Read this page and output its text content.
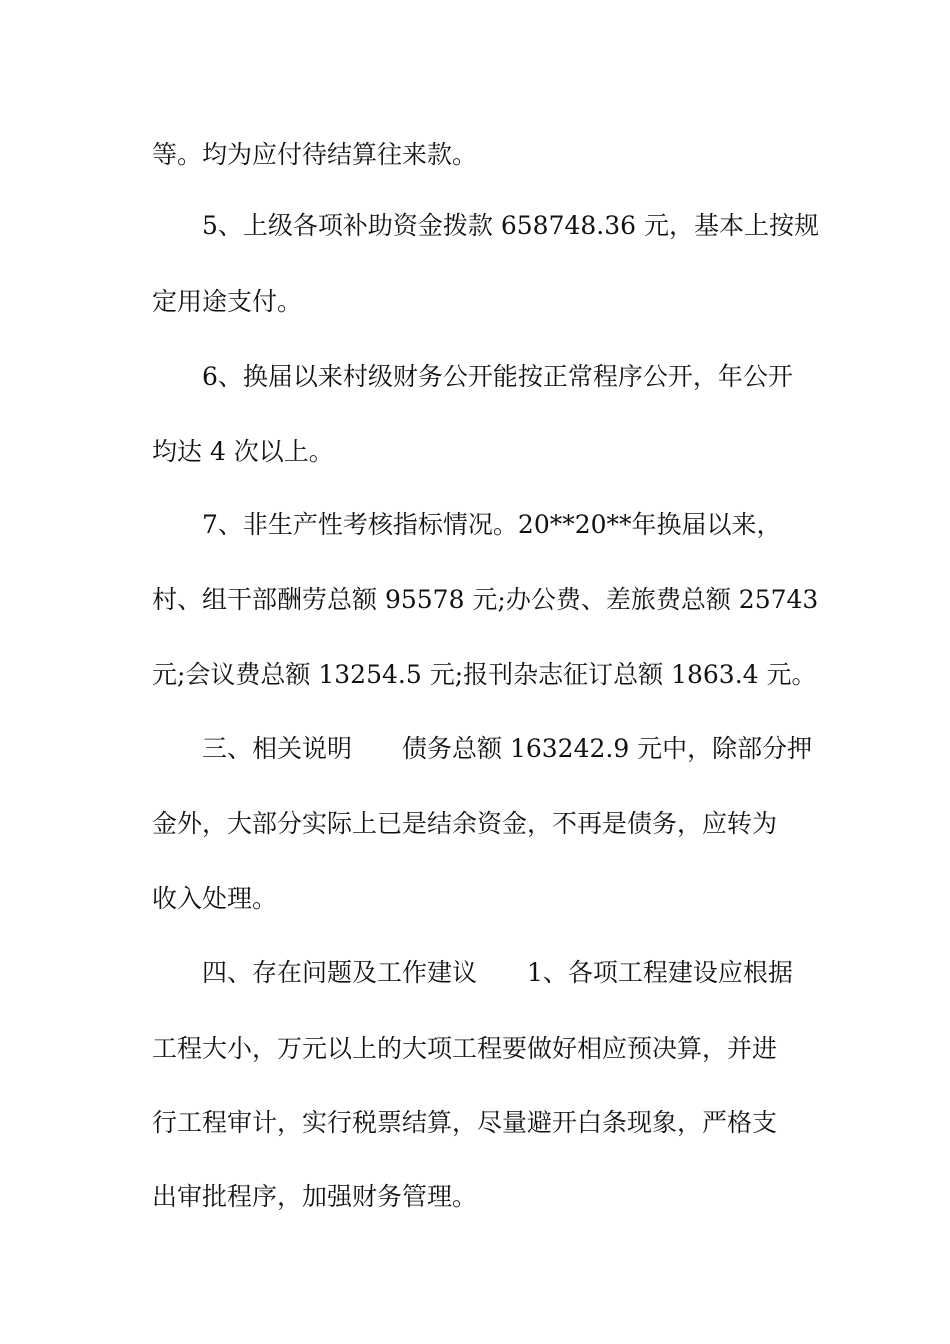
等。均为应付待结算往来款。

5、上级各项补助资金拨款 658748.36 元，基本上按规

定用途支付。

6、换届以来村级财务公开能按正常程序公开，年公开

均达 4 次以上。

7、非生产性考核指标情况。20**20**年换届以来，

村、组干部酬劳总额 95578 元;办公费、差旅费总额 25743

元;会议费总额 13254.5 元;报刊杂志征订总额 1863.4 元。

三、相关说明　　债务总额 163242.9 元中，除部分押

金外，大部分实际上已是结余资金，不再是债务，应转为

收入处理。

四、存在问题及工作建议　　1、各项工程建设应根据

工程大小，万元以上的大项工程要做好相应预决算，并进

行工程审计，实行税票结算，尽量避开白条现象，严格支

出审批程序，加强财务管理。
